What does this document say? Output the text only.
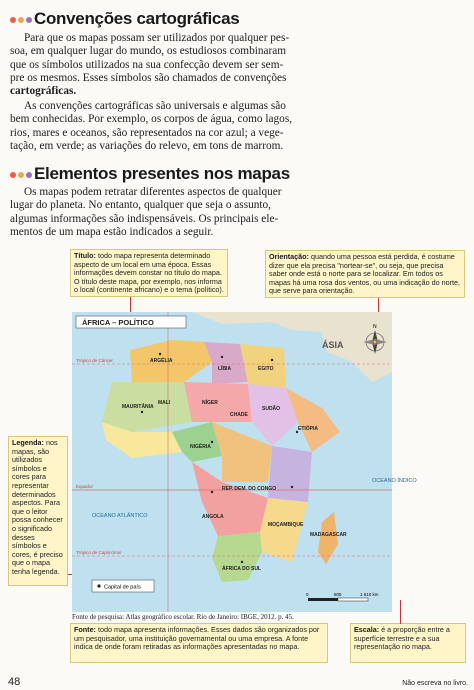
Convenções cartográficas
Para que os mapas possam ser utilizados por qualquer pes-
soa, em qualquer lugar do mundo, os estudiosos combinaram
que os símbolos utilizados na sua confecção devem ser sem-
pre os mesmos. Esses símbolos são chamados de convenções
cartográficas.
As convenções cartográficas são universais e algumas são
bem conhecidas. Por exemplo, os corpos de água, como lagos,
rios, mares e oceanos, são representados na cor azul; a vege-
tação, em verde; as variações do relevo, em tons de marrom.
Elementos presentes nos mapas
Os mapas podem retratar diferentes aspectos de qualquer
lugar do planeta. No entanto, qualquer que seja o assunto,
algumas informações são indispensáveis. Os principais ele-
mentos de um mapa estão indicados a seguir.
Título: todo mapa representa determinado aspecto de um local em uma época. Essas informações devem constar no título do mapa. O título deste mapa, por exemplo, nos informa o local (continente africano) e o tema (político).
Orientação: quando uma pessoa está perdida, é costume dizer que ela precisa "nortear-se", ou seja, que precisa saber onde está o norte para se localizar. Em todos os mapas há uma rosa dos ventos, ou uma indicação do norte, que serve para orientação.
Legenda: nos mapas, são utilizados símbolos e cores para representar determinados aspectos. Para que o leitor possa conhecer o significado desses símbolos e cores, é preciso que o mapa tenha legenda.
Fonte: todo mapa apresenta informações. Esses dados são organizados por um pesquisador, uma instituição governamental ou uma empresa. A fonte indica de onde foram retiradas as informações apresentadas no mapa.
Escala: é a proporção entre a superfície terrestre e a sua representação no mapa.
ÁFRICA – POLÍTICO
ÁSIA
OCEANO ÍNDICO
OCEANO ATLÂNTICO
Equador
Trópico de Câncer
Trópico de Capricórnio
N
ARGÉLIA
LÍBIA	EGITO
MAURITÂNIA
MALI	NÍGER
CHADE
SUDÃO
ETIÓPIA
NIGÉRIA
REP. DEM. DO CONGO
ANGOLA
MOÇAMBIQUE
ÁFRICA DO SUL
MADAGASCAR
0	805	1 610 km
Capital de país
Fonte de pesquisa: Atlas geográfico escolar. Rio de Janeiro: IBGE, 2012. p. 45.
48	Não escreva no livro.
